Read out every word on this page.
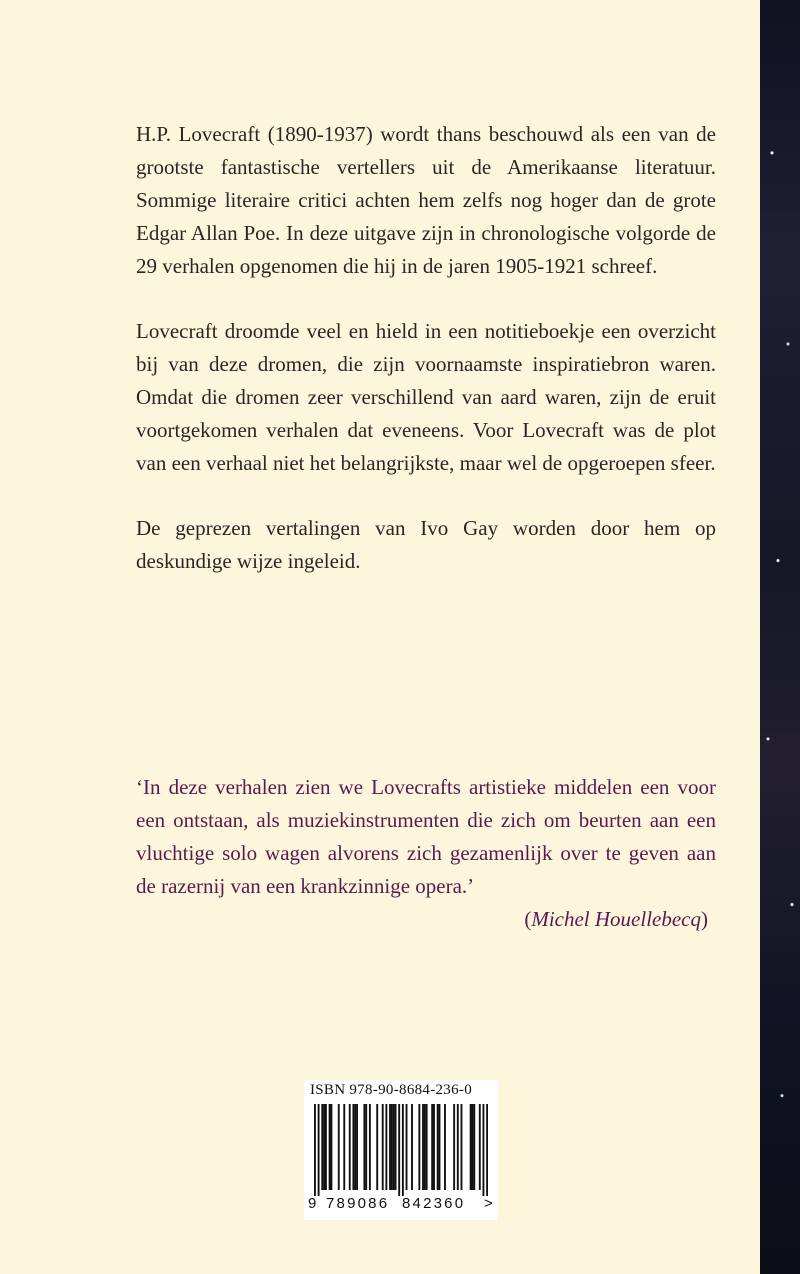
H.P. Lovecraft (1890-1937) wordt thans beschouwd als een van de grootste fantastische vertellers uit de Amerikaanse literatuur. Sommige literaire critici achten hem zelfs nog hoger dan de grote Edgar Allan Poe. In deze uitgave zijn in chronologische volgorde de 29 verhalen opgenomen die hij in de jaren 1905-1921 schreef.

Lovecraft droomde veel en hield in een notitieboekje een overzicht bij van deze dromen, die zijn voornaamste inspiratiebron waren. Omdat die dromen zeer verschillend van aard waren, zijn de eruit voortgekomen verhalen dat eveneens. Voor Lovecraft was de plot van een verhaal niet het belangrijkste, maar wel de opgeroepen sfeer.

De geprezen vertalingen van Ivo Gay worden door hem op deskundige wijze ingeleid.

‘In deze verhalen zien we Lovecrafts artistieke middelen een voor een ontstaan, als muziekinstrumenten die zich om beurten aan een vluchtige solo wagen alvorens zich gezamenlijk over te geven aan de razernij van een krankzinnige opera.’

(Michel Houellebecq)
ISBN 978-90-8684-236-0
9 789086 842360 >
